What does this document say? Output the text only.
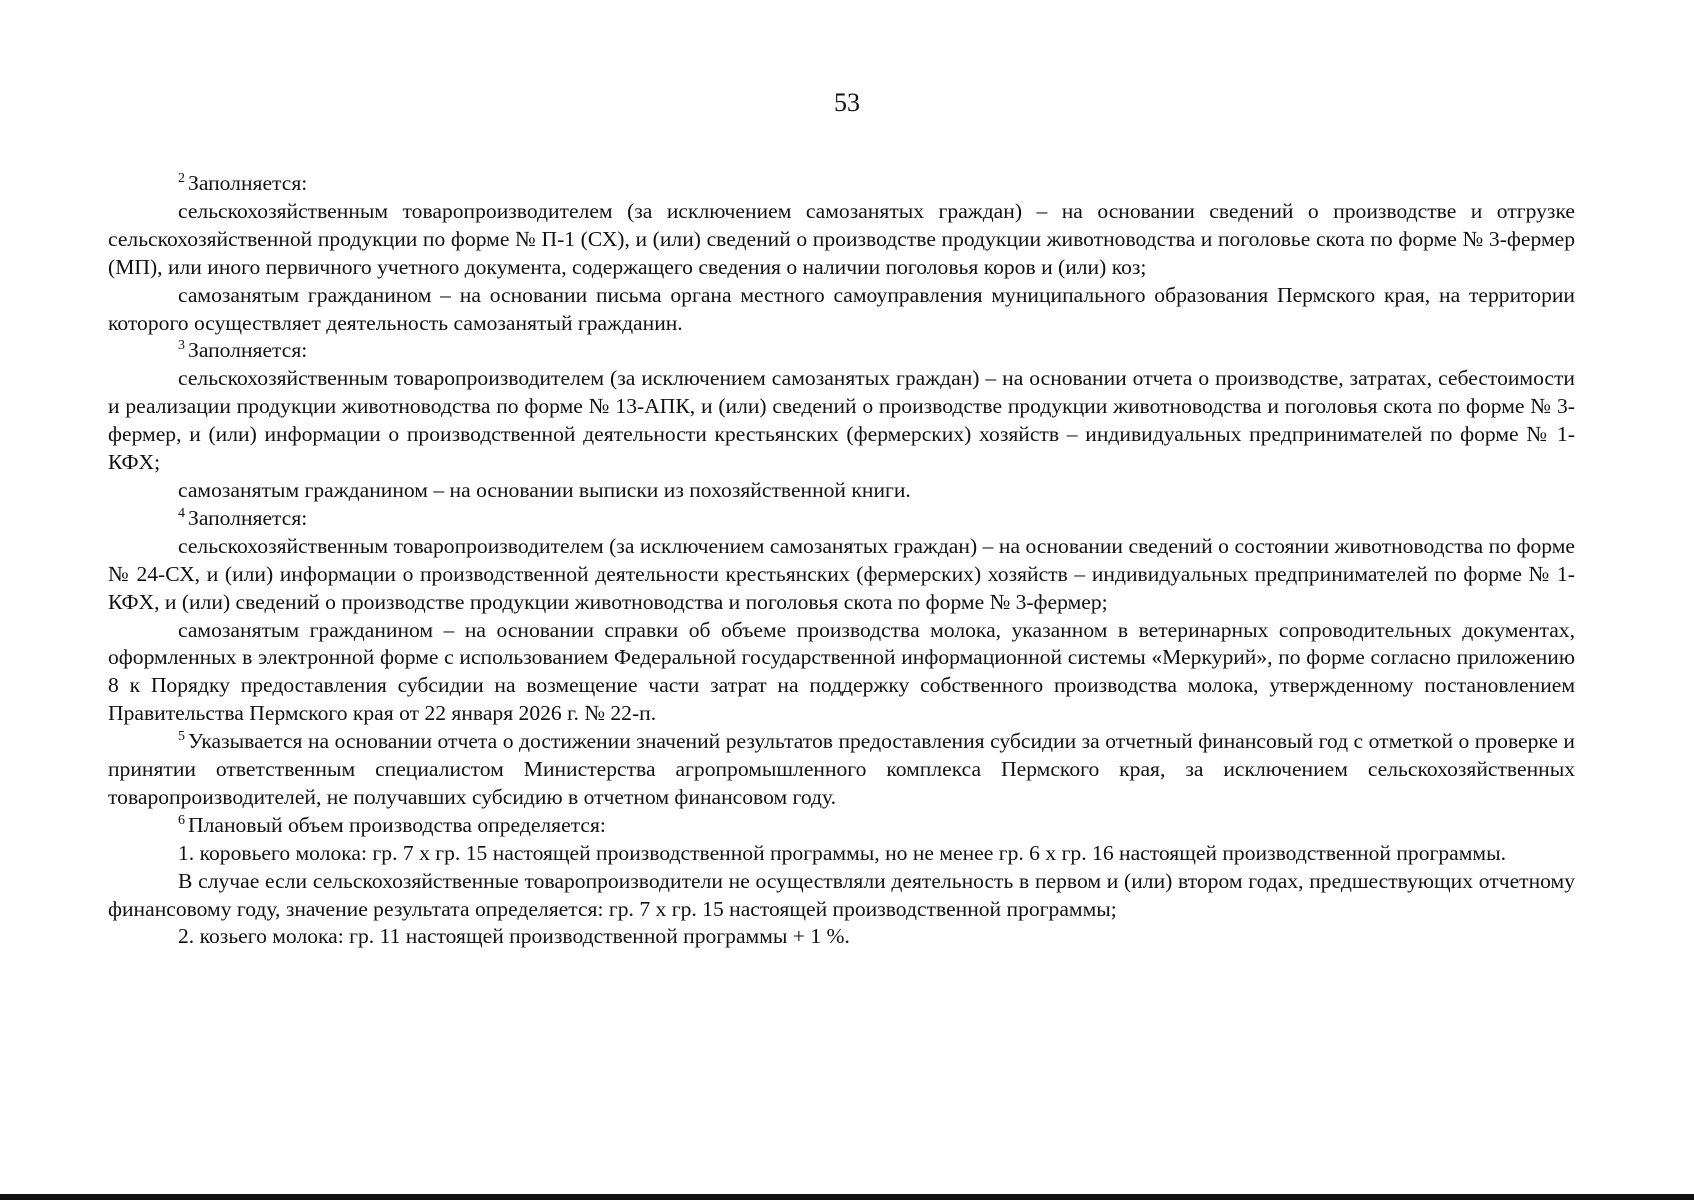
53

$^2$ Заполняется:

сельскохозяйственным товаропроизводителем (за исключением самозанятых граждан) – на основании сведений о производстве и отгрузке сельскохозяйственной продукции по форме № П-1 (СХ), и (или) сведений о производстве продукции животноводства и поголовье скота по форме № 3-фермер (МП), или иного первичного учетного документа, содержащего сведения о наличии поголовья коров и (или) коз;

самозанятым гражданином – на основании письма органа местного самоуправления муниципального образования Пермского края, на территории которого осуществляет деятельность самозанятый гражданин.

$^3$ Заполняется:

сельскохозяйственным товаропроизводителем (за исключением самозанятых граждан) – на основании отчета о производстве, затратах, себестоимости и реализации продукции животноводства по форме № 13-АПК, и (или) сведений о производстве продукции животноводства и поголовья скота по форме № 3-фермер, и (или) информации о производственной деятельности крестьянских (фермерских) хозяйств – индивидуальных предпринимателей по форме № 1-КФХ;

самозанятым гражданином – на основании выписки из похозяйственной книги.

$^4$ Заполняется:

сельскохозяйственным товаропроизводителем (за исключением самозанятых граждан) – на основании сведений о состоянии животноводства по форме № 24-СХ, и (или) информации о производственной деятельности крестьянских (фермерских) хозяйств – индивидуальных предпринимателей по форме № 1-КФХ, и (или) сведений о производстве продукции животноводства и поголовья скота по форме № 3-фермер;

самозанятым гражданином – на основании справки об объеме производства молока, указанном в ветеринарных сопроводительных документах, оформленных в электронной форме с использованием Федеральной государственной информационной системы «Меркурий», по форме согласно приложению 8 к Порядку предоставления субсидии на возмещение части затрат на поддержку собственного производства молока, утвержденному постановлением Правительства Пермского края от 22 января 2026 г. № 22-п.

$^5$ Указывается на основании отчета о достижении значений результатов предоставления субсидии за отчетный финансовый год с отметкой о проверке и принятии ответственным специалистом Министерства агропромышленного комплекса Пермского края, за исключением сельскохозяйственных товаропроизводителей, не получавших субсидию в отчетном финансовом году.

$^6$ Плановый объем производства определяется:

1. коровьего молока: гр. 7 х гр. 15 настоящей производственной программы, но не менее гр. 6 х гр. 16 настоящей производственной программы.

В случае если сельскохозяйственные товаропроизводители не осуществляли деятельность в первом и (или) втором годах, предшествующих отчетному финансовому году, значение результата определяется: гр. 7 х гр. 15 настоящей производственной программы;

2. козьего молока: гр. 11 настоящей производственной программы + 1 %.
